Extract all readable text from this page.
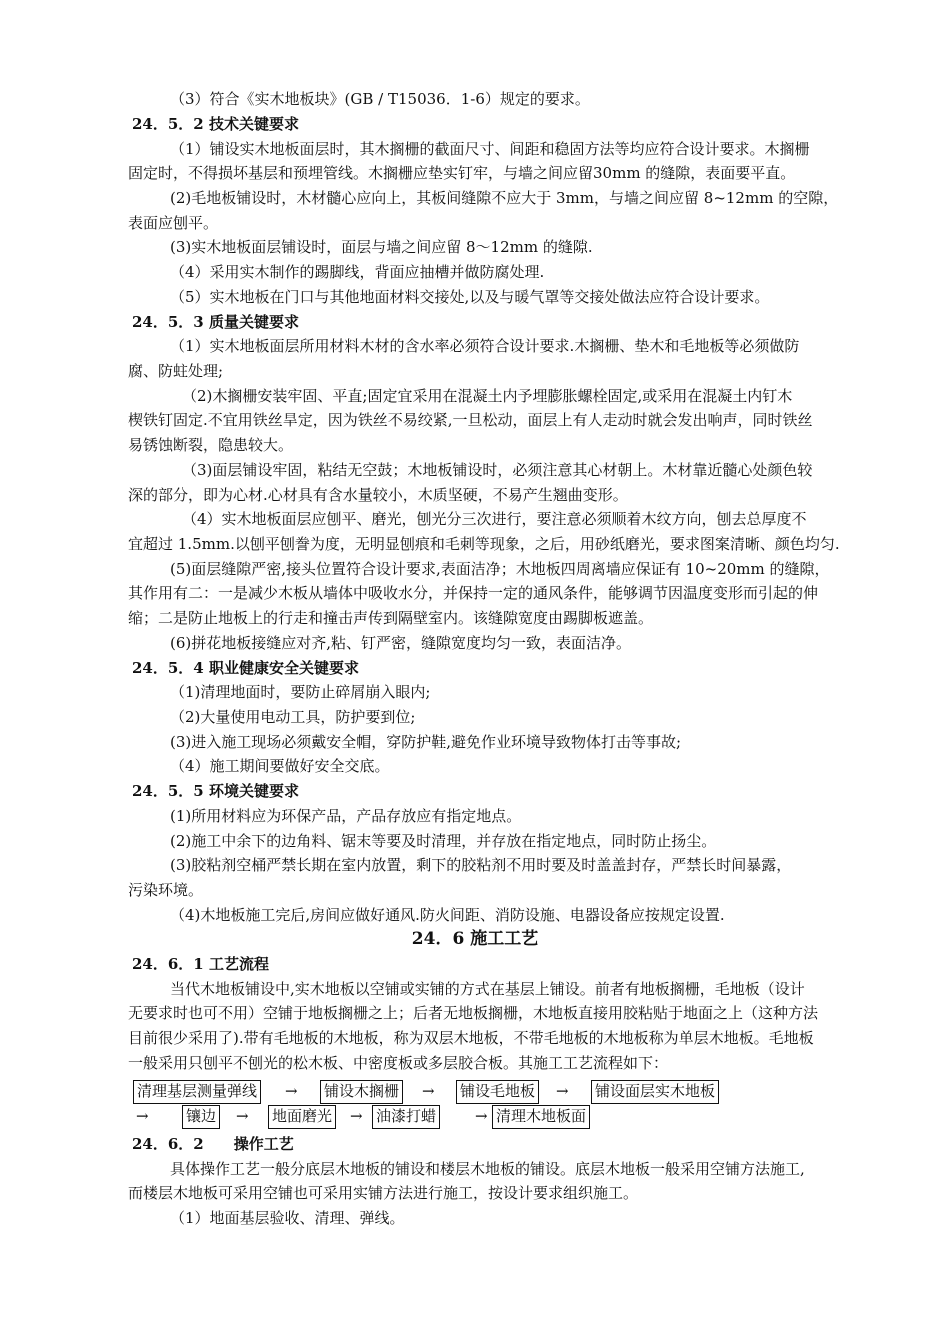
（3）符合《实木地板块》(GB / T15036．1-6）规定的要求。
24．5．2 技术关键要求
（1）铺设实木地板面层时，其木搁栅的截面尺寸、间距和稳固方法等均应符合设计要求。木搁栅
固定时，不得损坏基层和预埋管线。木搁栅应垫实钉牢，与墙之间应留30mm 的缝隙，表面要平直。
(2)毛地板铺设时，木材髓心应向上，其板间缝隙不应大于 3mm，与墙之间应留 8~12mm 的空隙，
表面应刨平。
(3)实木地板面层铺设时，面层与墙之间应留 8～12mm 的缝隙.
（4）采用实木制作的踢脚线，背面应抽槽并做防腐处理.
（5）实木地板在门口与其他地面材料交接处,以及与暖气罩等交接处做法应符合设计要求。
24．5．3 质量关键要求
（1）实木地板面层所用材料木材的含水率必须符合设计要求.木搁栅、垫木和毛地板等必须做防
腐、防蛀处理;
（2)木搁栅安装牢固、平直;固定宜采用在混凝土内予埋膨胀螺栓固定,或采用在混凝土内钉木
楔铁钉固定.不宜用铁丝旱定，因为铁丝不易绞紧,一旦松动，面层上有人走动时就会发出响声，同时铁丝
易锈蚀断裂，隐患较大。
（3)面层铺设牢固，粘结无空鼓；木地板铺设时，必须注意其心材朝上。木材靠近髓心处颜色较
深的部分，即为心材.心材具有含水量较小，木质坚硬，不易产生翘曲变形。
（4）实木地板面层应刨平、磨光，刨光分三次进行，要注意必须顺着木纹方向，刨去总厚度不
宜超过 1.5mm.以刨平刨誊为度，无明显刨痕和毛刺等现象，之后，用砂纸磨光，要求图案清晰、颜色均匀.
(5)面层缝隙严密,接头位置符合设计要求,表面洁净；木地板四周离墙应保证有 10~20mm 的缝隙，
其作用有二：一是减少木板从墙体中吸收水分，并保持一定的通风条件，能够调节因温度变形而引起的伸
缩；二是防止地板上的行走和撞击声传到隔壁室内。该缝隙宽度由踢脚板遮盖。
(6)拼花地板接缝应对齐,粘、钉严密，缝隙宽度均匀一致，表面洁净。
24．5．4 职业健康安全关键要求
（1)清理地面时，要防止碎屑崩入眼内;
（2)大量使用电动工具，防护要到位;
(3)进入施工现场必须戴安全帽，穿防护鞋,避免作业环境导致物体打击等事故;
（4）施工期间要做好安全交底。
24．5．5 环境关键要求
(1)所用材料应为环保产品，产品存放应有指定地点。
(2)施工中余下的边角料、锯末等要及时清理，并存放在指定地点，同时防止扬尘。
(3)胶粘剂空桶严禁长期在室内放置，剩下的胶粘剂不用时要及时盖盖封存，严禁长时间暴露，
污染环境。
（4)木地板施工完后,房间应做好通风.防火间距、消防设施、电器设备应按规定设置.
24．6 施工工艺
24．6．1 工艺流程
当代木地板铺设中,实木地板以空铺或实铺的方式在基层上铺设。前者有地板搁栅，毛地板（设计
无要求时也可不用）空铺于地板搁栅之上；后者无地板搁栅，木地板直接用胶粘贴于地面之上（这种方法
目前很少采用了).带有毛地板的木地板，称为双层木地板，不带毛地板的木地板称为单层木地板。毛地板
一般采用只刨平不刨光的松木板、中密度板或多层胶合板。其施工工艺流程如下：
清理基层测量弹线 → 铺设木搁栅 → 铺设毛地板 → 铺设面层实木地板
→ 镶边 → 地面磨光 → 油漆打蜡	→ 清理木地板面
24．6．2　　操作工艺
具体操作工艺一般分底层木地板的铺设和楼层木地板的铺设。底层木地板一般采用空铺方法施工,
而楼层木地板可采用空铺也可采用实铺方法进行施工，按设计要求组织施工。
（1）地面基层验收、清理、弹线。
